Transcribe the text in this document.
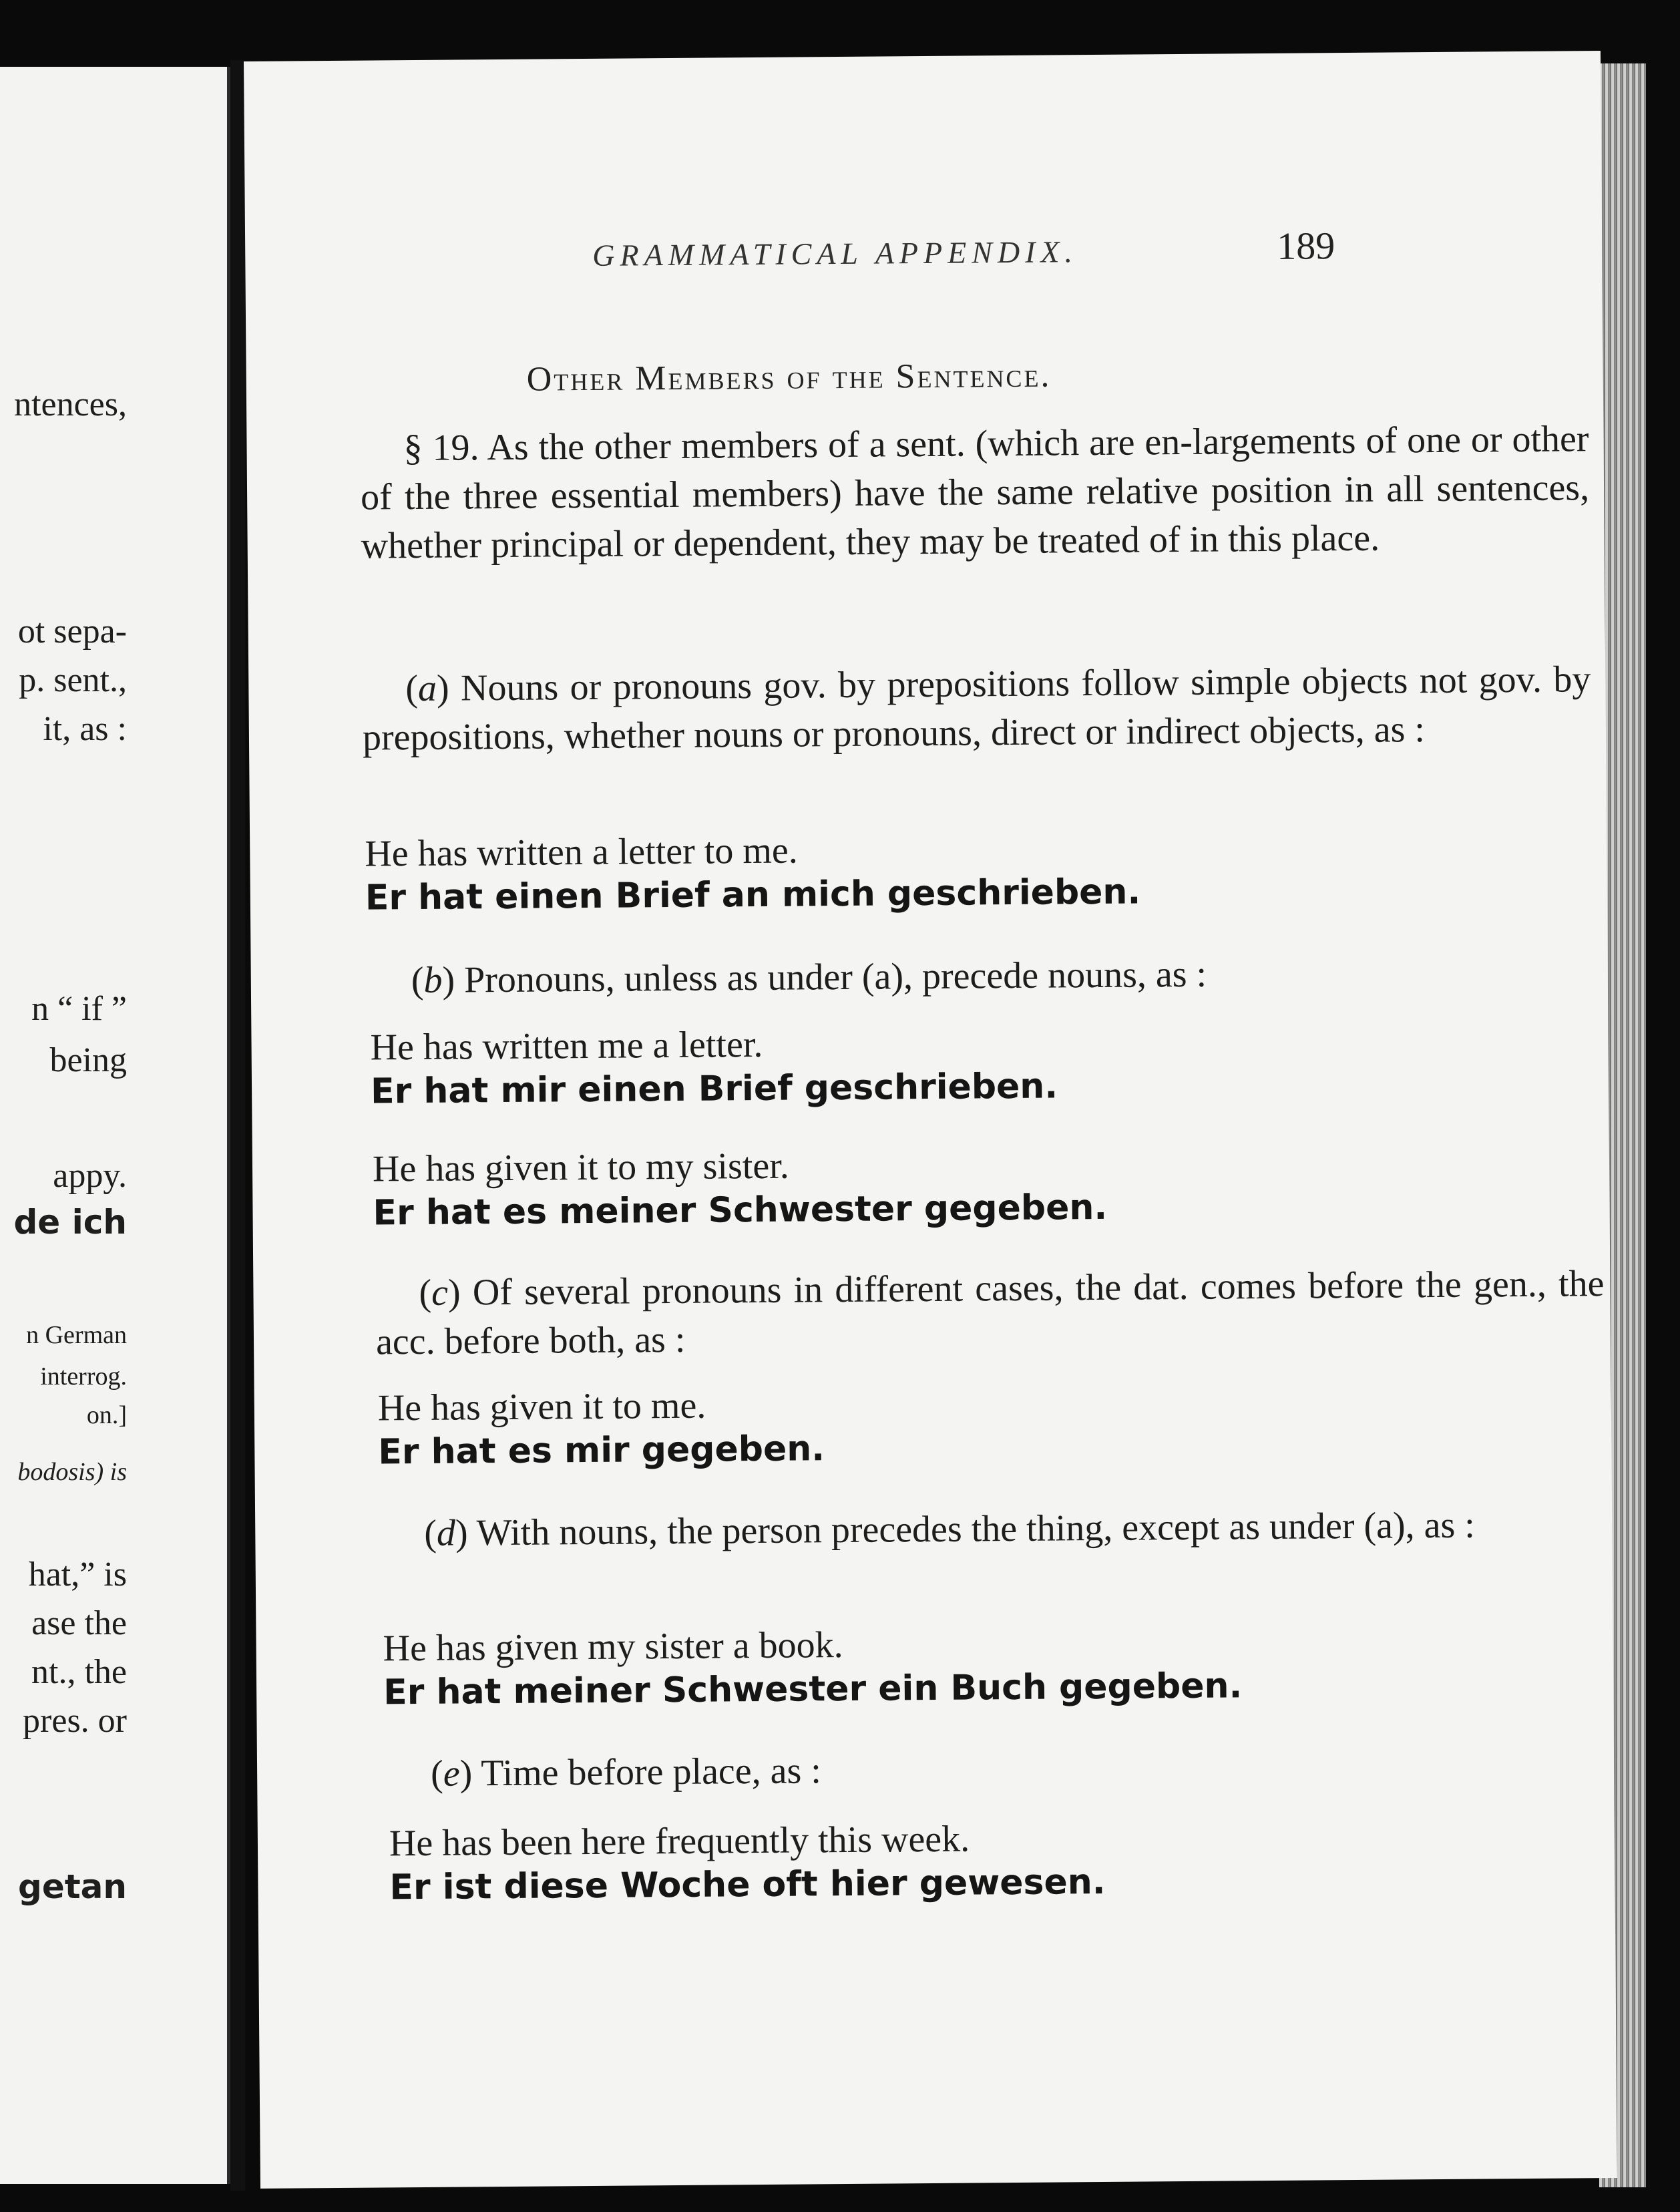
ntences,
ot sepa-
p. sent.,
it, as :
n “ if ”
being
appy.
de ich
n German
interrog.
on.]
bodosis) is
hat,” is
ase the
nt., the
pres. or
getan
GRAMMATICAL APPENDIX.	189
Other Members of the Sentence.
§ 19. As the other members of a sent. (which are en-largements of one or other of the three essential members) have the same relative position in all sentences, whether principal or dependent, they may be treated of in this place.
(a) Nouns or pronouns gov. by prepositions follow simple objects not gov. by prepositions, whether nouns or pronouns, direct or indirect objects, as :
He has written a letter to me.
Er hat einen Brief an mich geschrieben.
(b) Pronouns, unless as under (a), precede nouns, as :
He has written me a letter.
Er hat mir einen Brief geschrieben.
He has given it to my sister.
Er hat es meiner Schwester gegeben.
(c) Of several pronouns in different cases, the dat. comes before the gen., the acc. before both, as :
He has given it to me.
Er hat es mir gegeben.
(d) With nouns, the person precedes the thing, except as under (a), as :
He has given my sister a book.
Er hat meiner Schwester ein Buch gegeben.
(e) Time before place, as :
He has been here frequently this week.
Er ist diese Woche oft hier gewesen.
